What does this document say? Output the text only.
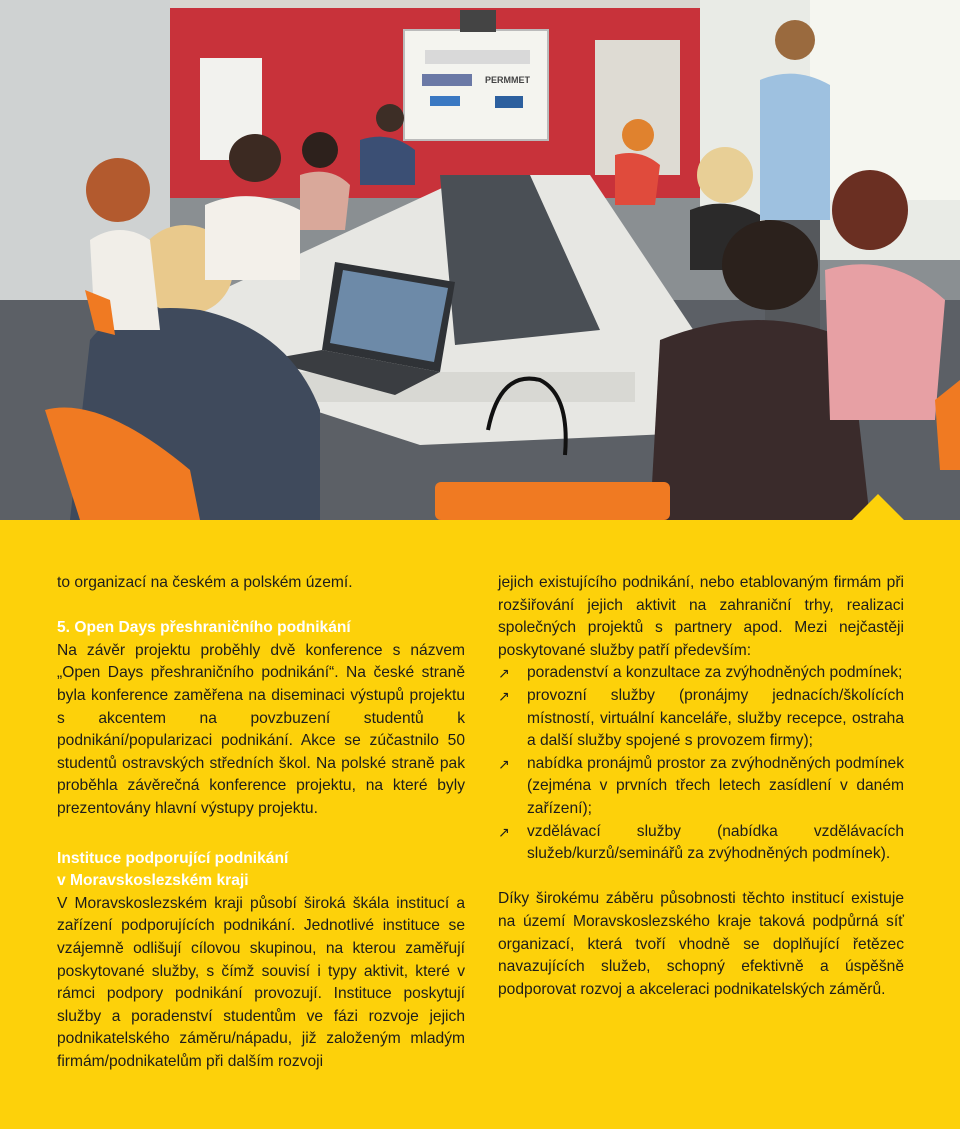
PERMMET

to organizací na českém a polském území.

5. Open Days přeshraničního podnikání

Na závěr projektu proběhly dvě konference s názvem „Open Days přeshraničního podnikání“. Na české straně byla konference zaměřena na diseminaci výstupů projektu s akcentem na povzbuzení studentů k podnikání/popularizaci podnikání. Akce se zúčastnilo 50 studentů ostravských středních škol. Na polské straně pak proběhla závěrečná konference projektu, na které byly prezentovány hlavní výstupy projektu.

Instituce podporující podnikání
v Moravskoslezském kraji

V Moravskoslezském kraji působí široká škála institucí a zařízení podporujících podnikání. Jednotlivé instituce se vzájemně odlišují cílovou skupinou, na kterou zaměřují poskytované služby, s čímž souvisí i typy aktivit, které v rámci podpory podnikání provozují. Instituce poskytují služby a poradenství studentům ve fázi rozvoje jejich podnikatelského záměru/nápadu, již založeným mladým firmám/podnikatelům při dalším rozvoji

jejich existujícího podnikání, nebo etablovaným firmám při rozšiřování jejich aktivit na zahraniční trhy, realizaci společných projektů s partnery apod. Mezi nejčastěji poskytované služby patří především:

↗ poradenství a konzultace za zvýhodněných podmínek;
↗ provozní služby (pronájmy jednacích/školících místností, virtuální kanceláře, služby recepce, ostraha a další služby spojené s provozem firmy);
↗ nabídka pronájmů prostor za zvýhodněných podmínek (zejména v prvních třech letech zasídlení v daném zařízení);
↗ vzdělávací služby (nabídka vzdělávacích služeb/kurzů/seminářů za zvýhodněných podmínek).

Díky širokému záběru působnosti těchto institucí existuje na území Moravskoslezského kraje taková podpůrná síť organizací, která tvoří vhodně se doplňující řetězec navazujících služeb, schopný efektivně a úspěšně podporovat rozvoj a akceleraci podnikatelských záměrů.
